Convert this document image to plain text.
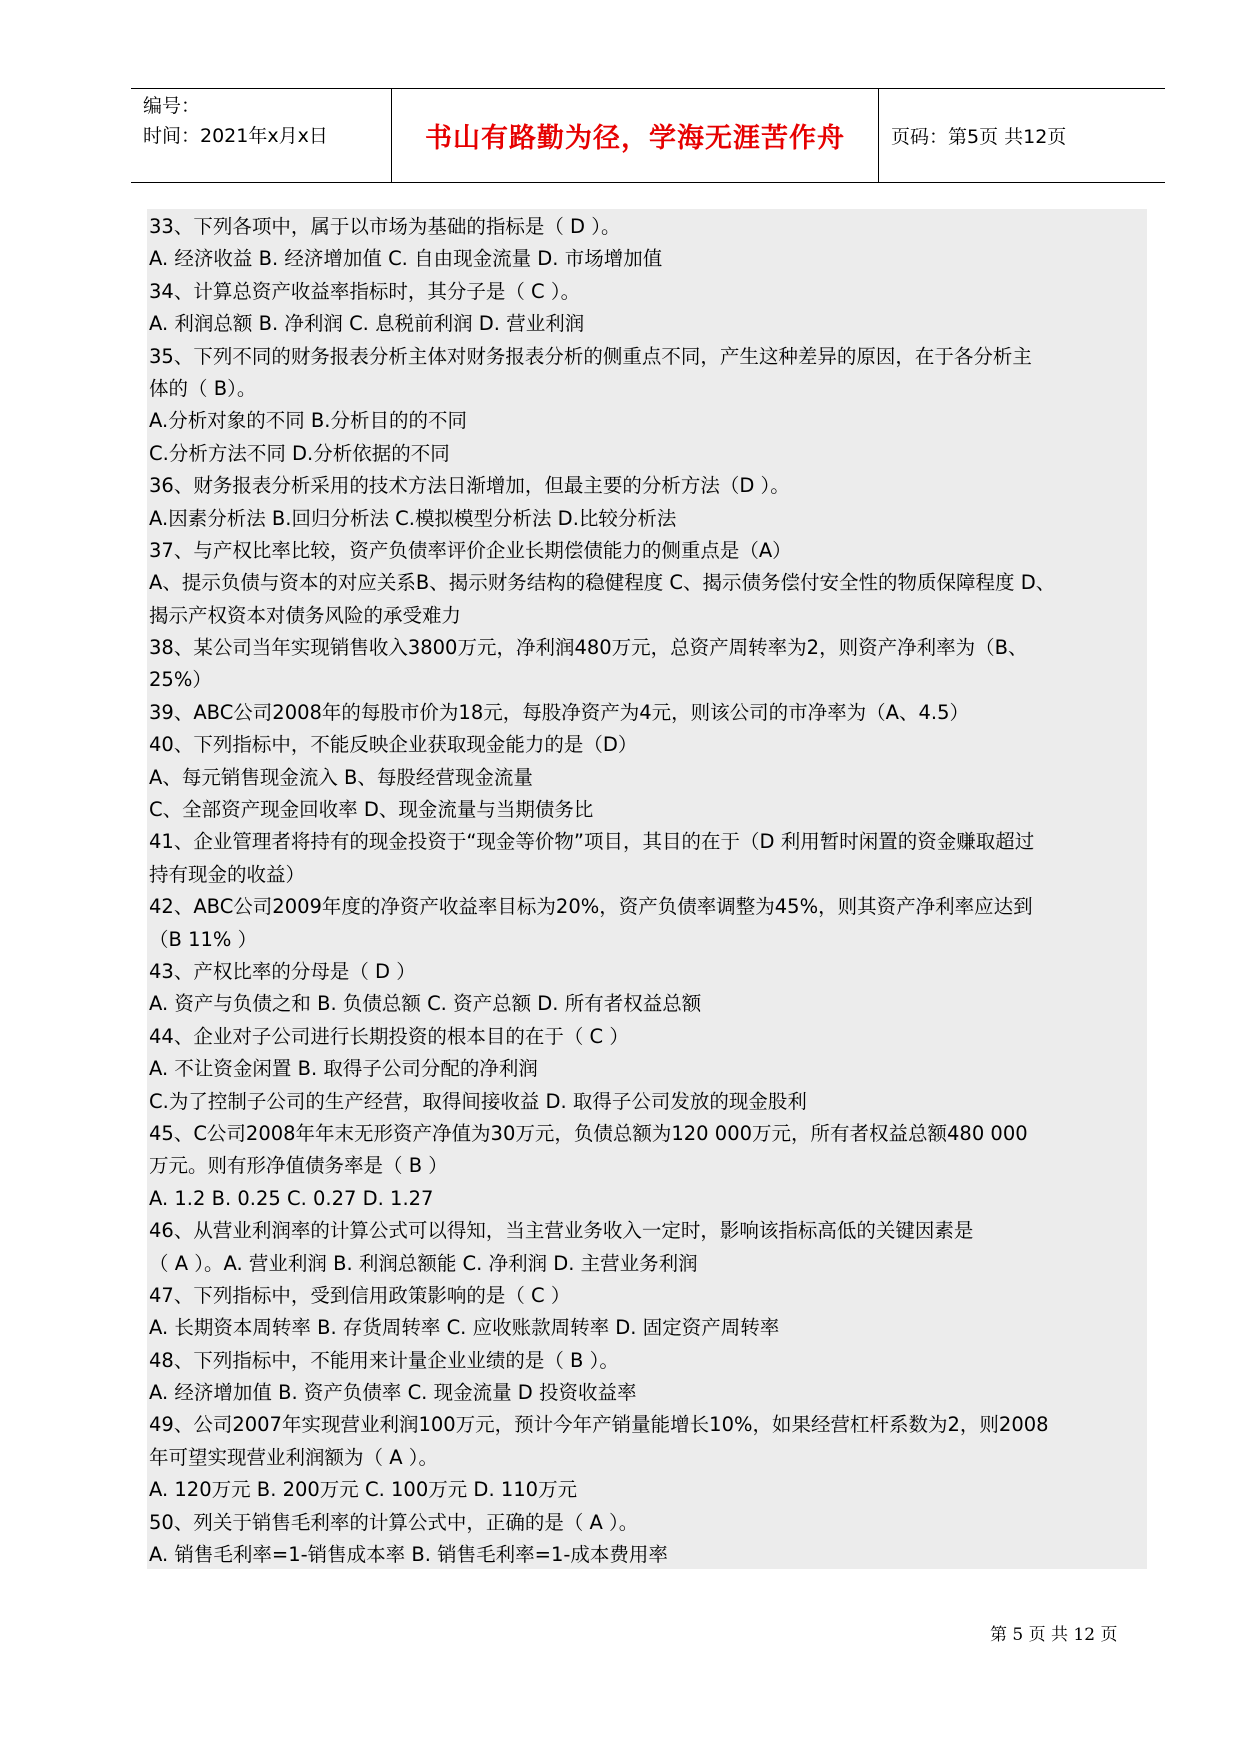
编号：
时间：2021年x月x日	书山有路勤为径，学海无涯苦作舟	页码：第5页 共12页
33、下列各项中，属于以市场为基础的指标是（ D ）。
A. 经济收益 B. 经济增加值 C. 自由现金流量 D. 市场增加值
34、计算总资产收益率指标时，其分子是（ C ）。
A. 利润总额 B. 净利润 C. 息税前利润 D. 营业利润
35、下列不同的财务报表分析主体对财务报表分析的侧重点不同，产生这种差异的原因，在于各分析主
体的（ B）。
A.分析对象的不同 B.分析目的的不同
C.分析方法不同 D.分析依据的不同
36、财务报表分析采用的技术方法日渐增加，但最主要的分析方法（D ）。
A.因素分析法 B.回归分析法 C.模拟模型分析法 D.比较分析法
37、与产权比率比较，资产负债率评价企业长期偿债能力的侧重点是（A）
A、提示负债与资本的对应关系B、揭示财务结构的稳健程度 C、揭示债务偿付安全性的物质保障程度 D、
揭示产权资本对债务风险的承受难力
38、某公司当年实现销售收入3800万元，净利润480万元，总资产周转率为2，则资产净利率为（B、
25%）
39、ABC公司2008年的每股市价为18元，每股净资产为4元，则该公司的市净率为（A、4.5）
40、下列指标中，不能反映企业获取现金能力的是（D）
A、每元销售现金流入 B、每股经营现金流量
C、全部资产现金回收率 D、现金流量与当期债务比
41、企业管理者将持有的现金投资于“现金等价物”项目，其目的在于（D 利用暂时闲置的资金赚取超过
持有现金的收益）
42、ABC公司2009年度的净资产收益率目标为20%，资产负债率调整为45%，则其资产净利率应达到
（B 11% ）
43、产权比率的分母是（ D ）
A. 资产与负债之和 B. 负债总额 C. 资产总额 D. 所有者权益总额
44、企业对子公司进行长期投资的根本目的在于（ C ）
A. 不让资金闲置 B. 取得子公司分配的净利润
C.为了控制子公司的生产经营，取得间接收益 D. 取得子公司发放的现金股利
45、C公司2008年年末无形资产净值为30万元，负债总额为120 000万元，所有者权益总额480 000
万元。则有形净值债务率是（ B ）
A. 1.2 B. 0.25 C. 0.27 D. 1.27
46、从营业利润率的计算公式可以得知，当主营业务收入一定时，影响该指标高低的关键因素是
（ A ）。A. 营业利润 B. 利润总额能 C. 净利润 D. 主营业务利润
47、下列指标中，受到信用政策影响的是（ C ）
A. 长期资本周转率 B. 存货周转率 C. 应收账款周转率 D. 固定资产周转率
48、下列指标中，不能用来计量企业业绩的是（ B ）。
A. 经济增加值 B. 资产负债率 C. 现金流量 D 投资收益率
49、公司2007年实现营业利润100万元，预计今年产销量能增长10%，如果经营杠杆系数为2，则2008
年可望实现营业利润额为（ A ）。
A. 120万元 B. 200万元 C. 100万元 D. 110万元
50、列关于销售毛利率的计算公式中，正确的是（ A ）。
A. 销售毛利率=1-销售成本率 B. 销售毛利率=1-成本费用率
第 5 页 共 12 页
